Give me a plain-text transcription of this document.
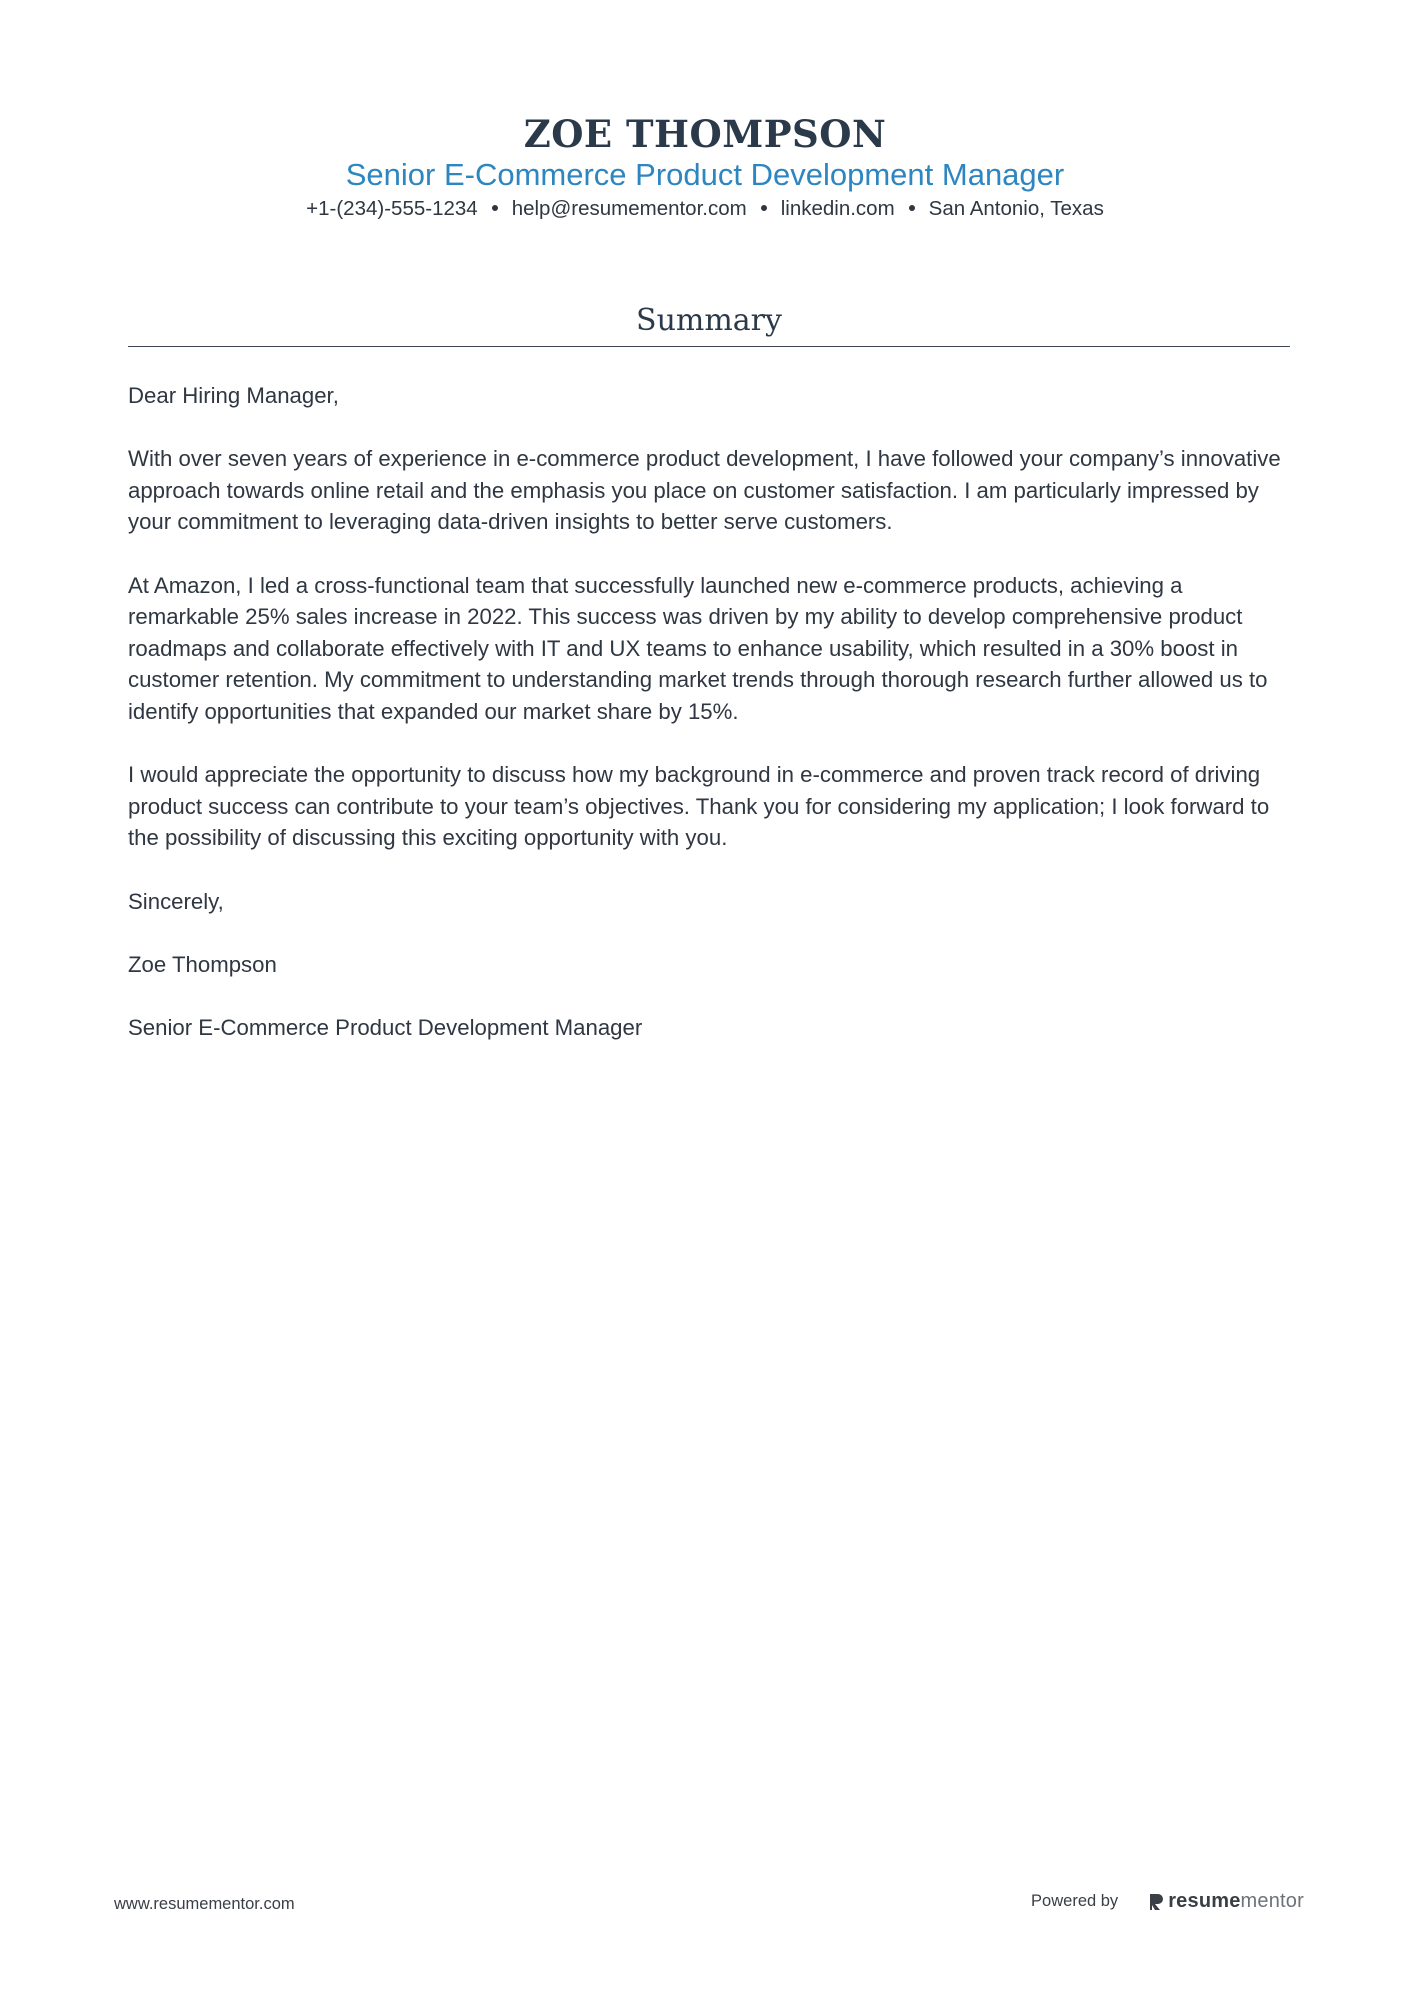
ZOE THOMPSON
Senior E-Commerce Product Development Manager
+1-(234)-555-1234 help@resumementor.com linkedin.com San Antonio, Texas
Summary

Dear Hiring Manager,

With over seven years of experience in e-commerce product development, I have followed your company’s innovative approach towards online retail and the emphasis you place on customer satisfaction. I am particularly impressed by your commitment to leveraging data-driven insights to better serve customers.

At Amazon, I led a cross-functional team that successfully launched new e-commerce products, achieving a remarkable 25% sales increase in 2022. This success was driven by my ability to develop comprehensive product roadmaps and collaborate effectively with IT and UX teams to enhance usability, which resulted in a 30% boost in customer retention. My commitment to understanding market trends through thorough research further allowed us to identify opportunities that expanded our market share by 15%.

I would appreciate the opportunity to discuss how my background in e-commerce and proven track record of driving product success can contribute to your team’s objectives. Thank you for considering my application; I look forward to the possibility of discussing this exciting opportunity with you.

Sincerely,

Zoe Thompson

Senior E-Commerce Product Development Manager

www.resumementor.com	Powered by	resume mentor
